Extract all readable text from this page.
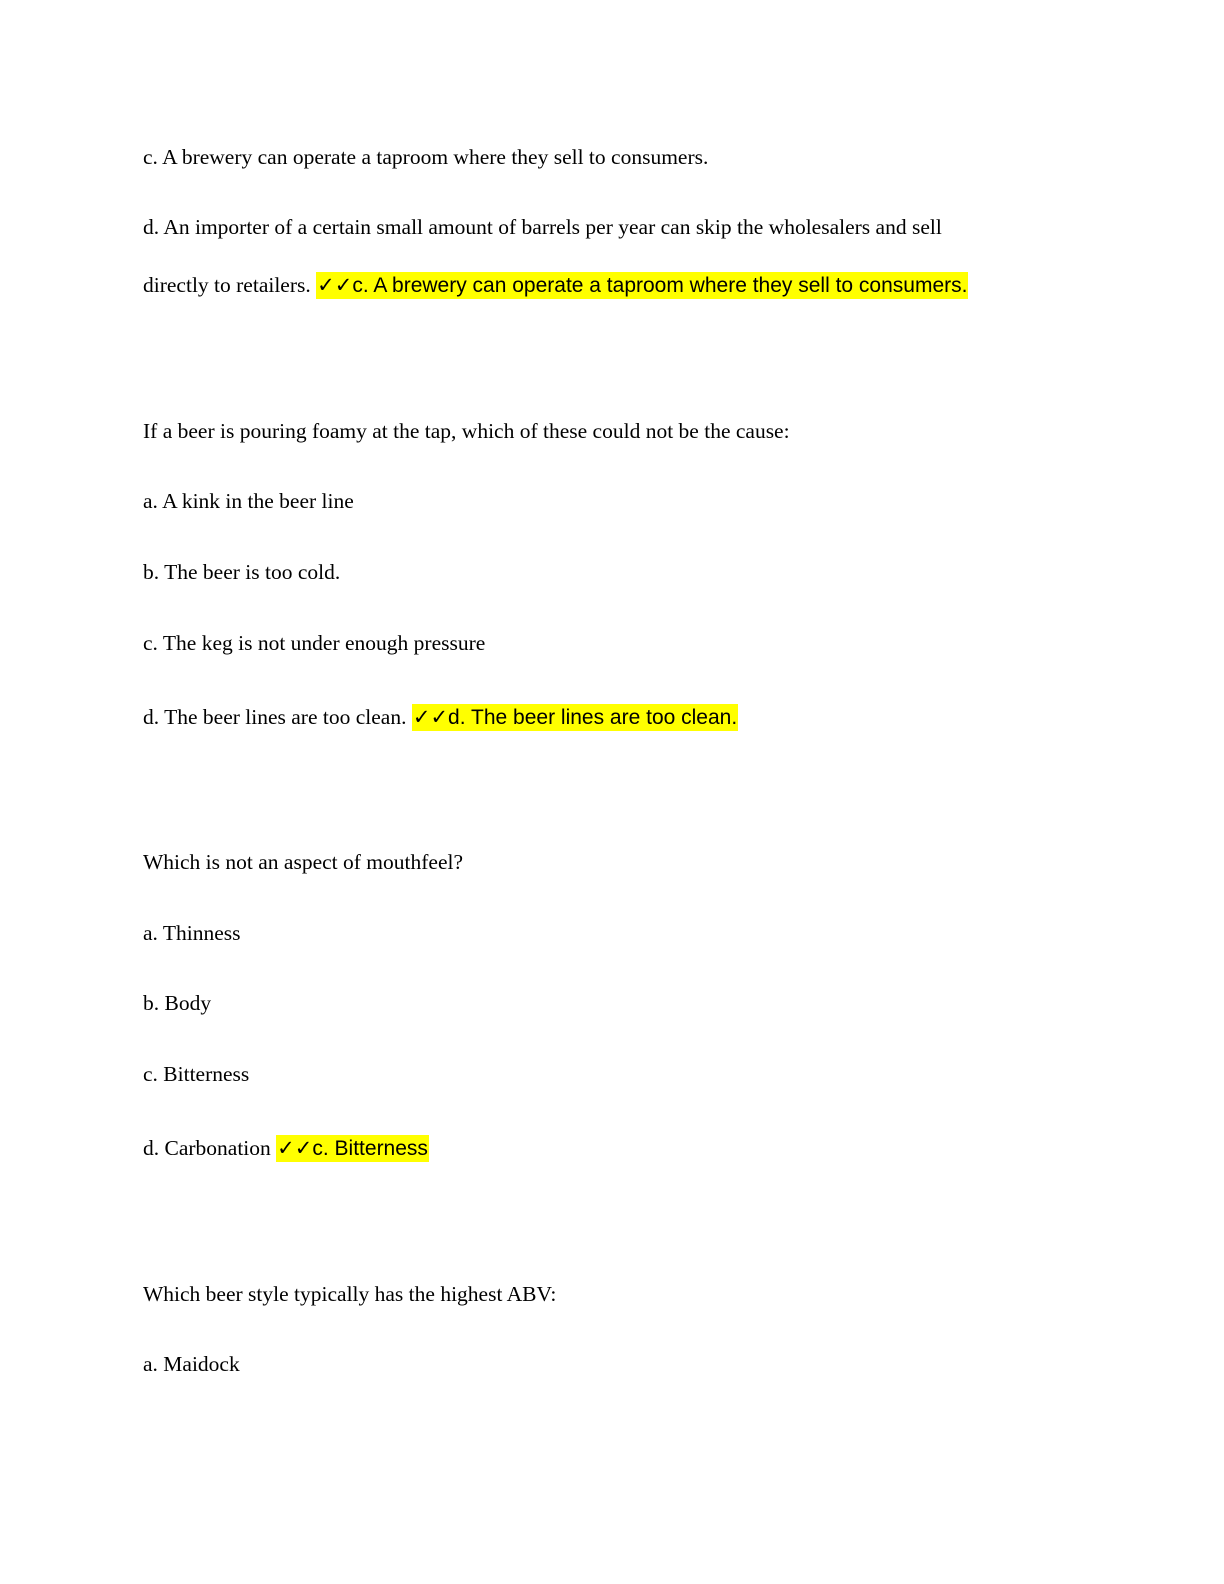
c. A brewery can operate a taproom where they sell to consumers.
d. An importer of a certain small amount of barrels per year can skip the wholesalers and sell
directly to retailers. ✓✓c. A brewery can operate a taproom where they sell to consumers.
If a beer is pouring foamy at the tap, which of these could not be the cause:
a. A kink in the beer line
b. The beer is too cold.
c. The keg is not under enough pressure
d. The beer lines are too clean. ✓✓d. The beer lines are too clean.
Which is not an aspect of mouthfeel?
a. Thinness
b. Body
c. Bitterness
d. Carbonation ✓✓c. Bitterness
Which beer style typically has the highest ABV:
a. Maidock
